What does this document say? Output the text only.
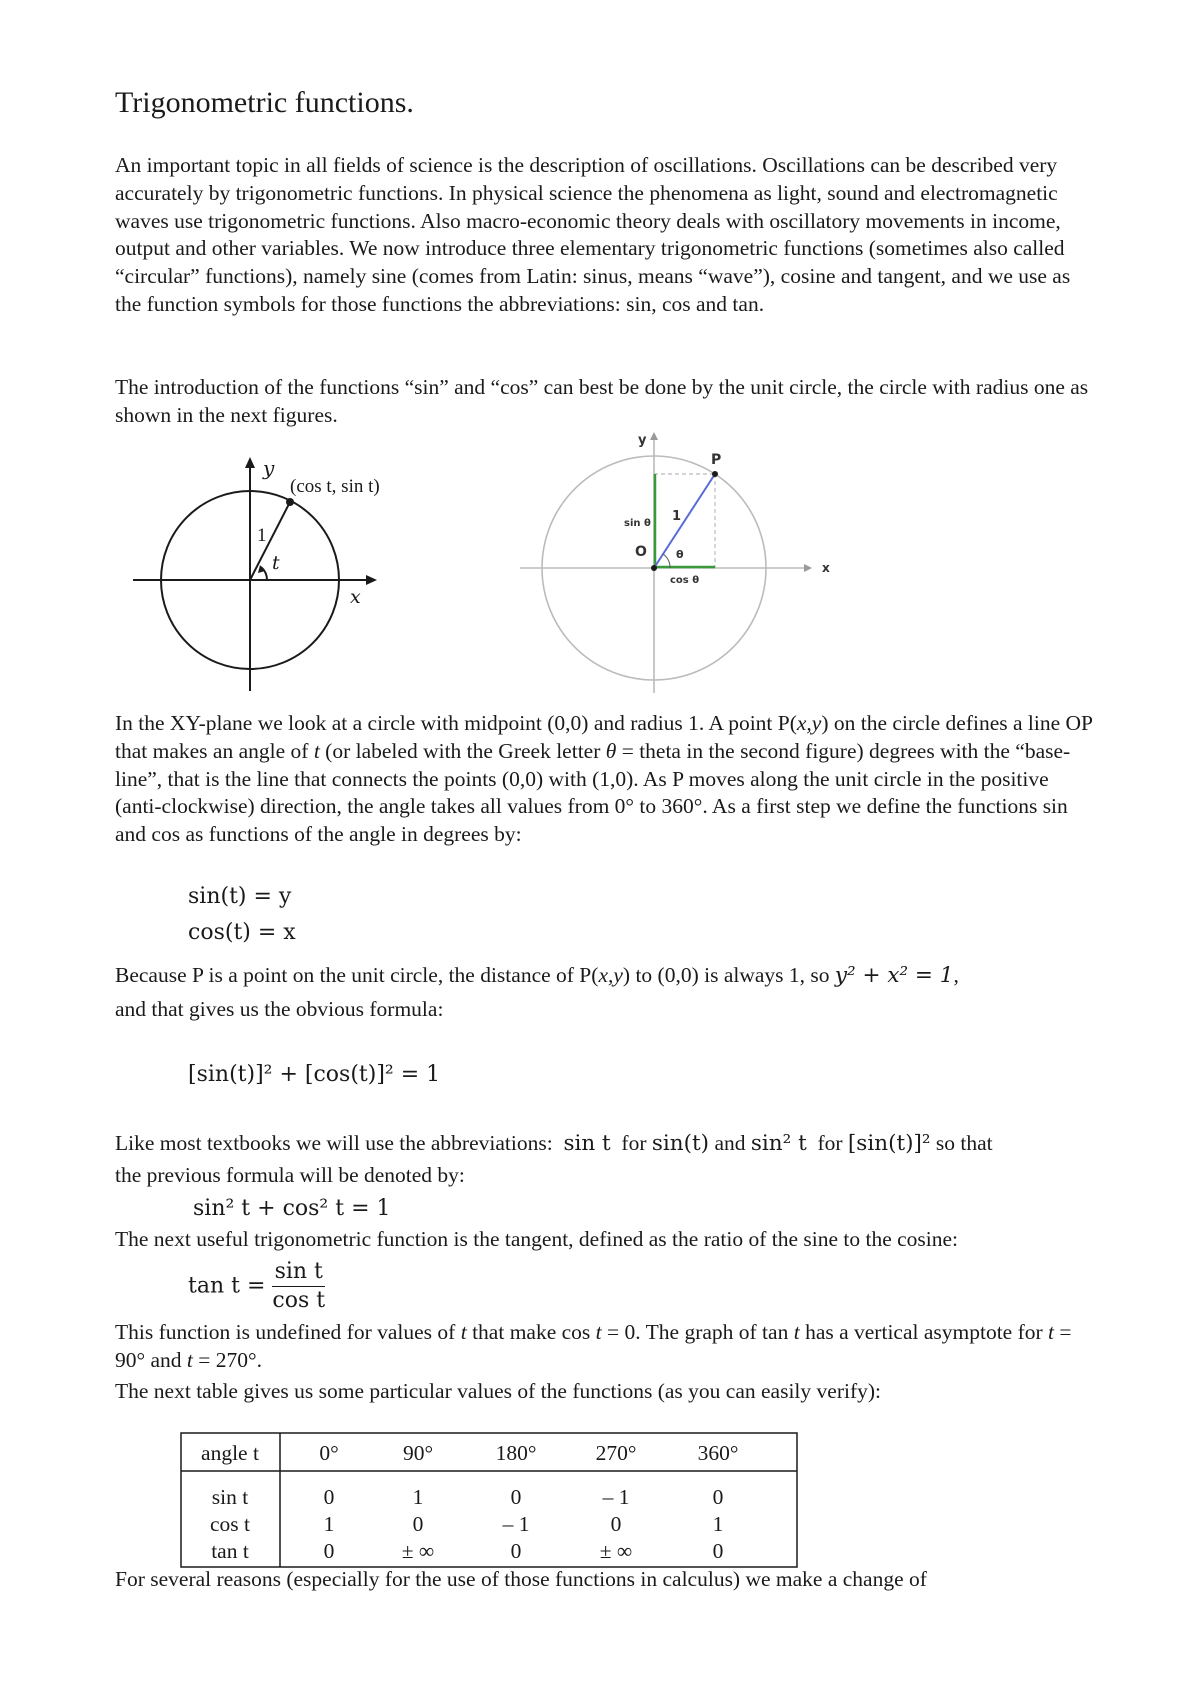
Trigonometric functions.

An important topic in all fields of science is the description of oscillations. Oscillations can be described very accurately by trigonometric functions. In physical science the phenomena as light, sound and electromagnetic waves use trigonometric functions. Also macro-economic theory deals with oscillatory movements in income, output and other variables. We now introduce three elementary trigonometric functions (sometimes also called “circular” functions), namely sine (comes from Latin: sinus, means “wave”), cosine and tangent, and we use as the function symbols for those functions the abbreviations: sin, cos and tan.

The introduction of the functions “sin” and “cos” can best be done by the unit circle, the circle with radius one as shown in the next figures.

y
x
(cos t, sin t)
1
t
y
x
P
O
sin θ
cos θ
1
θ

In the XY-plane we look at a circle with midpoint (0,0) and radius 1. A point P(x,y) on the circle defines a line OP that makes an angle of t (or labeled with the Greek letter θ = theta in the second figure) degrees with the “base-line”, that is the line that connects the points (0,0) with (1,0). As P moves along the unit circle in the positive (anti-clockwise) direction, the angle takes all values from 0° to 360°. As a first step we define the functions sin and cos as functions of the angle in degrees by:

sin(t) = y
cos(t) = x

Because P is a point on the unit circle, the distance of P(x,y) to (0,0) is always 1, so y² + x² = 1,

and that gives us the obvious formula:

[sin(t)]² + [cos(t)]² = 1

Like most textbooks we will use the abbreviations: sin t for sin(t) and sin² t for [sin(t)]² so that

the previous formula will be denoted by:

sin² t + cos² t = 1

The next useful trigonometric function is the tangent, defined as the ratio of the sine to the cosine:

$\tan t = \frac{\text{sin t}}{\text{cos t}}$

This function is undefined for values of t that make cos t = 0. The graph of tan t has a vertical asymptote for t = 90° and t = 270°.

The next table gives us some particular values of the functions (as you can easily verify):

For several reasons (especially for the use of those functions in calculus) we make a change of

angle t	0°	90°	180°	270°	360°
sin t	0	1	0	– 1	0
cos t	1	0	– 1	0	1
tan t	0	± ∞	0	± ∞	0
